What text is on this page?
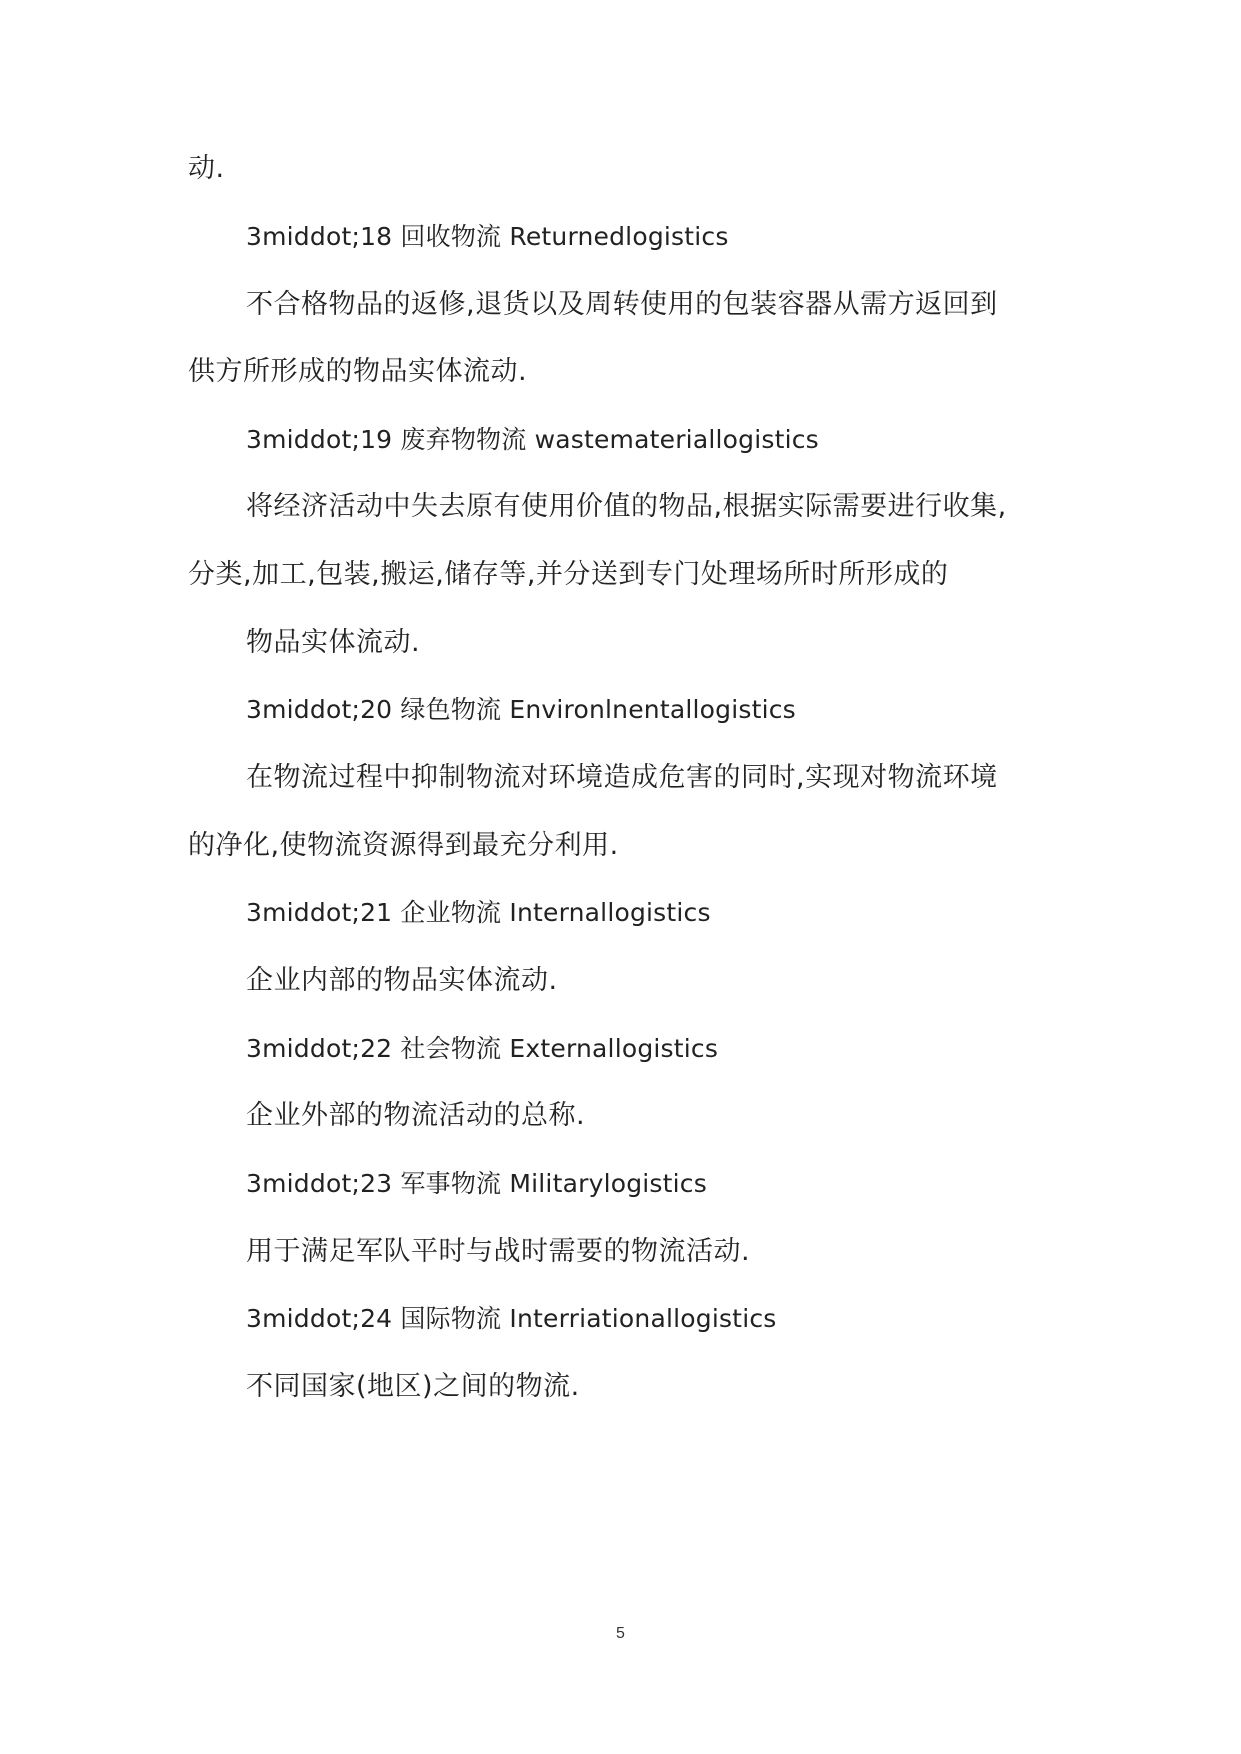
动.
3middot;18 回收物流 Returnedlogistics
不合格物品的返修,退货以及周转使用的包装容器从需方返回到
供方所形成的物品实体流动.
3middot;19 废弃物物流 wastemateriallogistics
将经济活动中失去原有使用价值的物品,根据实际需要进行收集,
分类,加工,包装,搬运,储存等,并分送到专门处理场所时所形成的
物品实体流动.
3middot;20 绿色物流 Environlnentallogistics
在物流过程中抑制物流对环境造成危害的同时,实现对物流环境
的净化,使物流资源得到最充分利用.
3middot;21 企业物流 Internallogistics
企业内部的物品实体流动.
3middot;22 社会物流 Externallogistics
企业外部的物流活动的总称.
3middot;23 军事物流 Militarylogistics
用于满足军队平时与战时需要的物流活动.
3middot;24 国际物流 Interriationallogistics
不同国家(地区)之间的物流.
5
